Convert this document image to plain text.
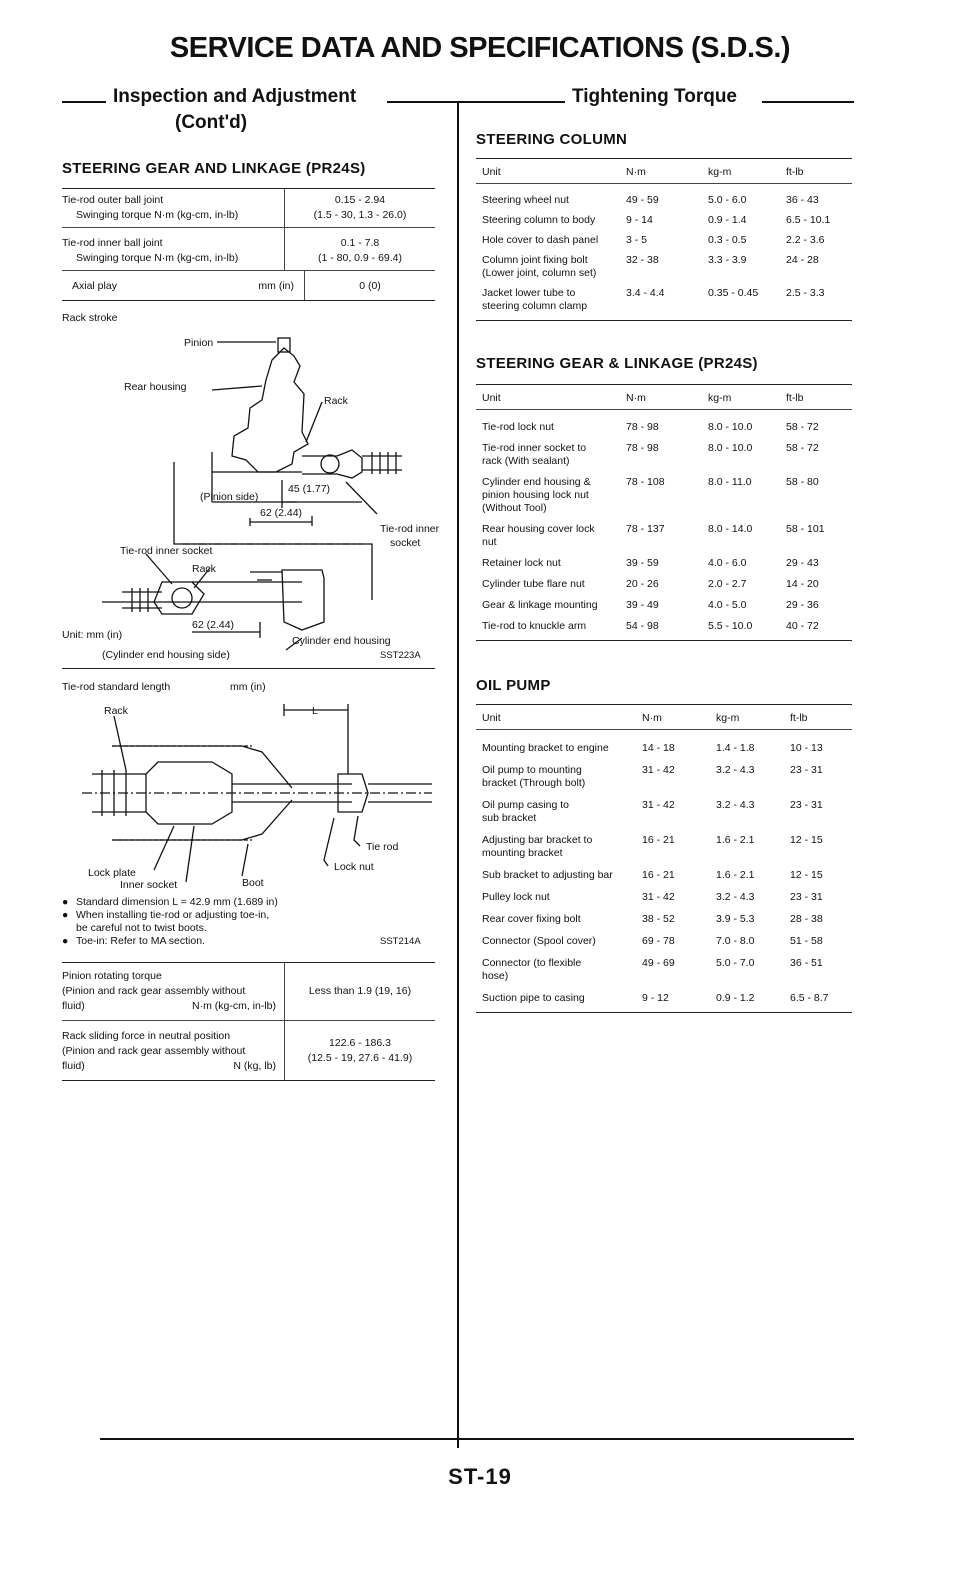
SERVICE DATA AND SPECIFICATIONS (S.D.S.)
Inspection and Adjustment
(Cont'd)
Tightening Torque
STEERING GEAR AND LINKAGE (PR24S)
Tie-rod outer ball joint
Swinging torque N·m (kg-cm, in-lb)
0.15 - 2.94
(1.5 - 30, 1.3 - 26.0)
Tie-rod inner ball joint
Swinging torque N·m (kg-cm, in-lb)
0.1 - 7.8
(1 - 80, 0.9 - 69.4)
Axial play	mm (in)	0 (0)
Rack stroke
Pinion
Rear housing
Rack
45 (1.77)
(Pinion side)
62 (2.44)
Tie-rod inner
socket
Tie-rod inner socket
Rack
62 (2.44)
Unit: mm (in)	Cylinder end housing
(Cylinder end housing side)	SST223A
Tie-rod standard length	mm (in)
Rack	L
Tie rod
Lock nut
Lock plate
Inner socket	Boot
● Standard dimension L = 42.9 mm (1.689 in)
● When installing tie-rod or adjusting toe-in,
be careful not to twist boots.
● Toe-in: Refer to MA section.	SST214A
Pinion rotating torque
(Pinion and rack gear assembly without
fluid)	N·m (kg-cm, in-lb)
Less than 1.9 (19, 16)
Rack sliding force in neutral position
(Pinion and rack gear assembly without
fluid)	N (kg, lb)
122.6 - 186.3
(12.5 - 19, 27.6 - 41.9)
STEERING COLUMN
Unit	N·m	kg-m	ft-lb
Steering wheel nut	49 - 59	5.0 - 6.0	36 - 43
Steering column to body	9 - 14	0.9 - 1.4	6.5 - 10.1
Hole cover to dash panel	3 - 5	0.3 - 0.5	2.2 - 3.6
Column joint fixing bolt
(Lower joint, column set)
32 - 38	3.3 - 3.9	24 - 28
Jacket lower tube to
steering column clamp
3.4 - 4.4	0.35 - 0.45	2.5 - 3.3
STEERING GEAR & LINKAGE (PR24S)
Unit	N·m	kg-m	ft-lb
Tie-rod lock nut	78 - 98	8.0 - 10.0	58 - 72
Tie-rod inner socket to
rack (With sealant)
78 - 98	8.0 - 10.0	58 - 72
Cylinder end housing &
pinion housing lock nut
(Without Tool)
78 - 108	8.0 - 11.0	58 - 80
Rear housing cover lock
nut
78 - 137	8.0 - 14.0	58 - 101
Retainer lock nut	39 - 59	4.0 - 6.0	29 - 43
Cylinder tube flare nut	20 - 26	2.0 - 2.7	14 - 20
Gear & linkage mounting	39 - 49	4.0 - 5.0	29 - 36
Tie-rod to knuckle arm	54 - 98	5.5 - 10.0	40 - 72
OIL PUMP
Unit	N·m	kg-m	ft-lb
Mounting bracket to engine	14 - 18	1.4 - 1.8	10 - 13
Oil pump to mounting
bracket (Through bolt)
31 - 42	3.2 - 4.3	23 - 31
Oil pump casing to
sub bracket
31 - 42	3.2 - 4.3	23 - 31
Adjusting bar bracket to
mounting bracket
16 - 21	1.6 - 2.1	12 - 15
Sub bracket to adjusting bar	16 - 21	1.6 - 2.1	12 - 15
Pulley lock nut	31 - 42	3.2 - 4.3	23 - 31
Rear cover fixing bolt	38 - 52	3.9 - 5.3	28 - 38
Connector (Spool cover)	69 - 78	7.0 - 8.0	51 - 58
Connector (to flexible
hose)
49 - 69	5.0 - 7.0	36 - 51
Suction pipe to casing	9 - 12	0.9 - 1.2	6.5 - 8.7
ST-19
